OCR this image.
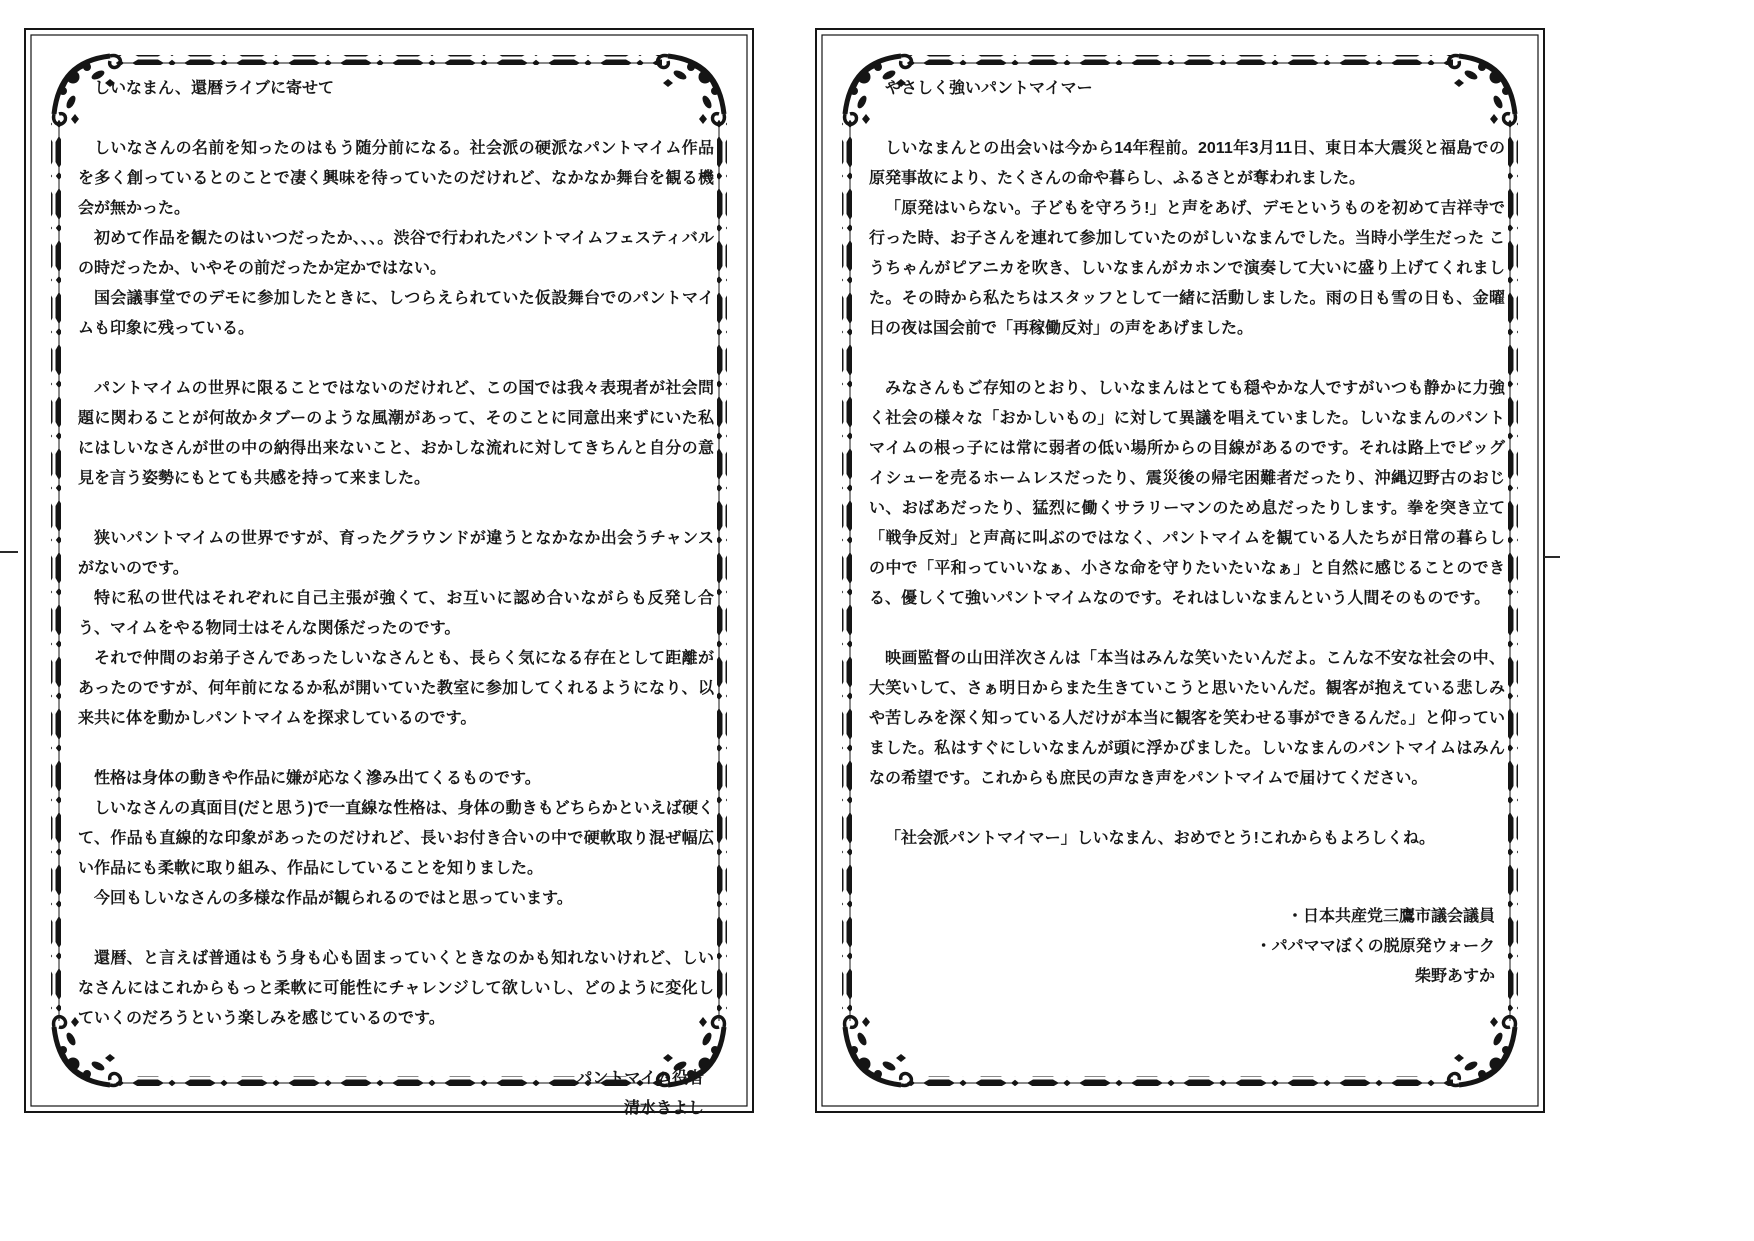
しいなまん、還暦ライブに寄せて

しいなさんの名前を知ったのはもう随分前になる。社会派の硬派なパントマイム作品を多く創っているとのことで凄く興味を待っていたのだけれど、なかなか舞台を観る機会が無かった。

初めて作品を観たのはいつだったか、、、。渋谷で行われたパントマイムフェスティバルの時だったか、いやその前だったか定かではない。

国会議事堂でのデモに参加したときに、しつらえられていた仮設舞台でのパントマイムも印象に残っている。

パントマイムの世界に限ることではないのだけれど、この国では我々表現者が社会問題に関わることが何故かタブーのような風潮があって、そのことに同意出来ずにいた私にはしいなさんが世の中の納得出来ないこと、おかしな流れに対してきちんと自分の意見を言う姿勢にもとても共感を持って来ました。

狭いパントマイムの世界ですが、育ったグラウンドが違うとなかなか出会うチャンスがないのです。

特に私の世代はそれぞれに自己主張が強くて、お互いに認め合いながらも反発し合う、マイムをやる物同士はそんな関係だったのです。

それで仲間のお弟子さんであったしいなさんとも、長らく気になる存在として距離があったのですが、何年前になるか私が開いていた教室に参加してくれるようになり、以来共に体を動かしパントマイムを探求しているのです。

性格は身体の動きや作品に嫌が応なく滲み出てくるものです。

しいなさんの真面目(だと思う)で一直線な性格は、身体の動きもどちらかといえば硬くて、作品も直線的な印象があったのだけれど、長いお付き合いの中で硬軟取り混ぜ幅広い作品にも柔軟に取り組み、作品にしていることを知りました。

今回もしいなさんの多様な作品が観られるのではと思っています。

還暦、と言えば普通はもう身も心も固まっていくときなのかも知れないけれど、しいなさんにはこれからもっと柔軟に可能性にチャレンジして欲しいし、どのように変化していくのだろうという楽しみを感じているのです。

パントマイム役者

清水きよし

やさしく強いパントマイマー

しいなまんとの出会いは今から14年程前。2011年3月11日、東日本大震災と福島での原発事故により、たくさんの命や暮らし、ふるさとが奪われました。

「原発はいらない。子どもを守ろう!」と声をあげ、デモというものを初めて吉祥寺で行った時、お子さんを連れて参加していたのがしいなまんでした。当時小学生だった こうちゃんがピアニカを吹き、しいなまんがカホンで演奏して大いに盛り上げてくれました。その時から私たちはスタッフとして一緒に活動しました。雨の日も雪の日も、金曜日の夜は国会前で「再稼働反対」の声をあげました。

みなさんもご存知のとおり、しいなまんはとても穏やかな人ですがいつも静かに力強く社会の様々な「おかしいもの」に対して異議を唱えていました。しいなまんのパントマイムの根っ子には常に弱者の低い場所からの目線があるのです。それは路上でビッグイシューを売るホームレスだったり、震災後の帰宅困難者だったり、沖縄辺野古のおじい、おばあだったり、猛烈に働くサラリーマンのため息だったりします。拳を突き立て「戦争反対」と声高に叫ぶのではなく、パントマイムを観ている人たちが日常の暮らしの中で「平和っていいなぁ、小さな命を守りたいたいなぁ」と自然に感じることのできる、優しくて強いパントマイムなのです。それはしいなまんという人間そのものです。

映画監督の山田洋次さんは「本当はみんな笑いたいんだよ。こんな不安な社会の中、大笑いして、さぁ明日からまた生きていこうと思いたいんだ。観客が抱えている悲しみや苦しみを深く知っている人だけが本当に観客を笑わせる事ができるんだ。」と仰っていました。私はすぐにしいなまんが頭に浮かびました。しいなまんのパントマイムはみんなの希望です。これからも庶民の声なき声をパントマイムで届けてください。

「社会派パントマイマー」しいなまん、おめでとう!これからもよろしくね。

・日本共産党三鷹市議会議員

・パパママぼくの脱原発ウォーク

柴野あすか
